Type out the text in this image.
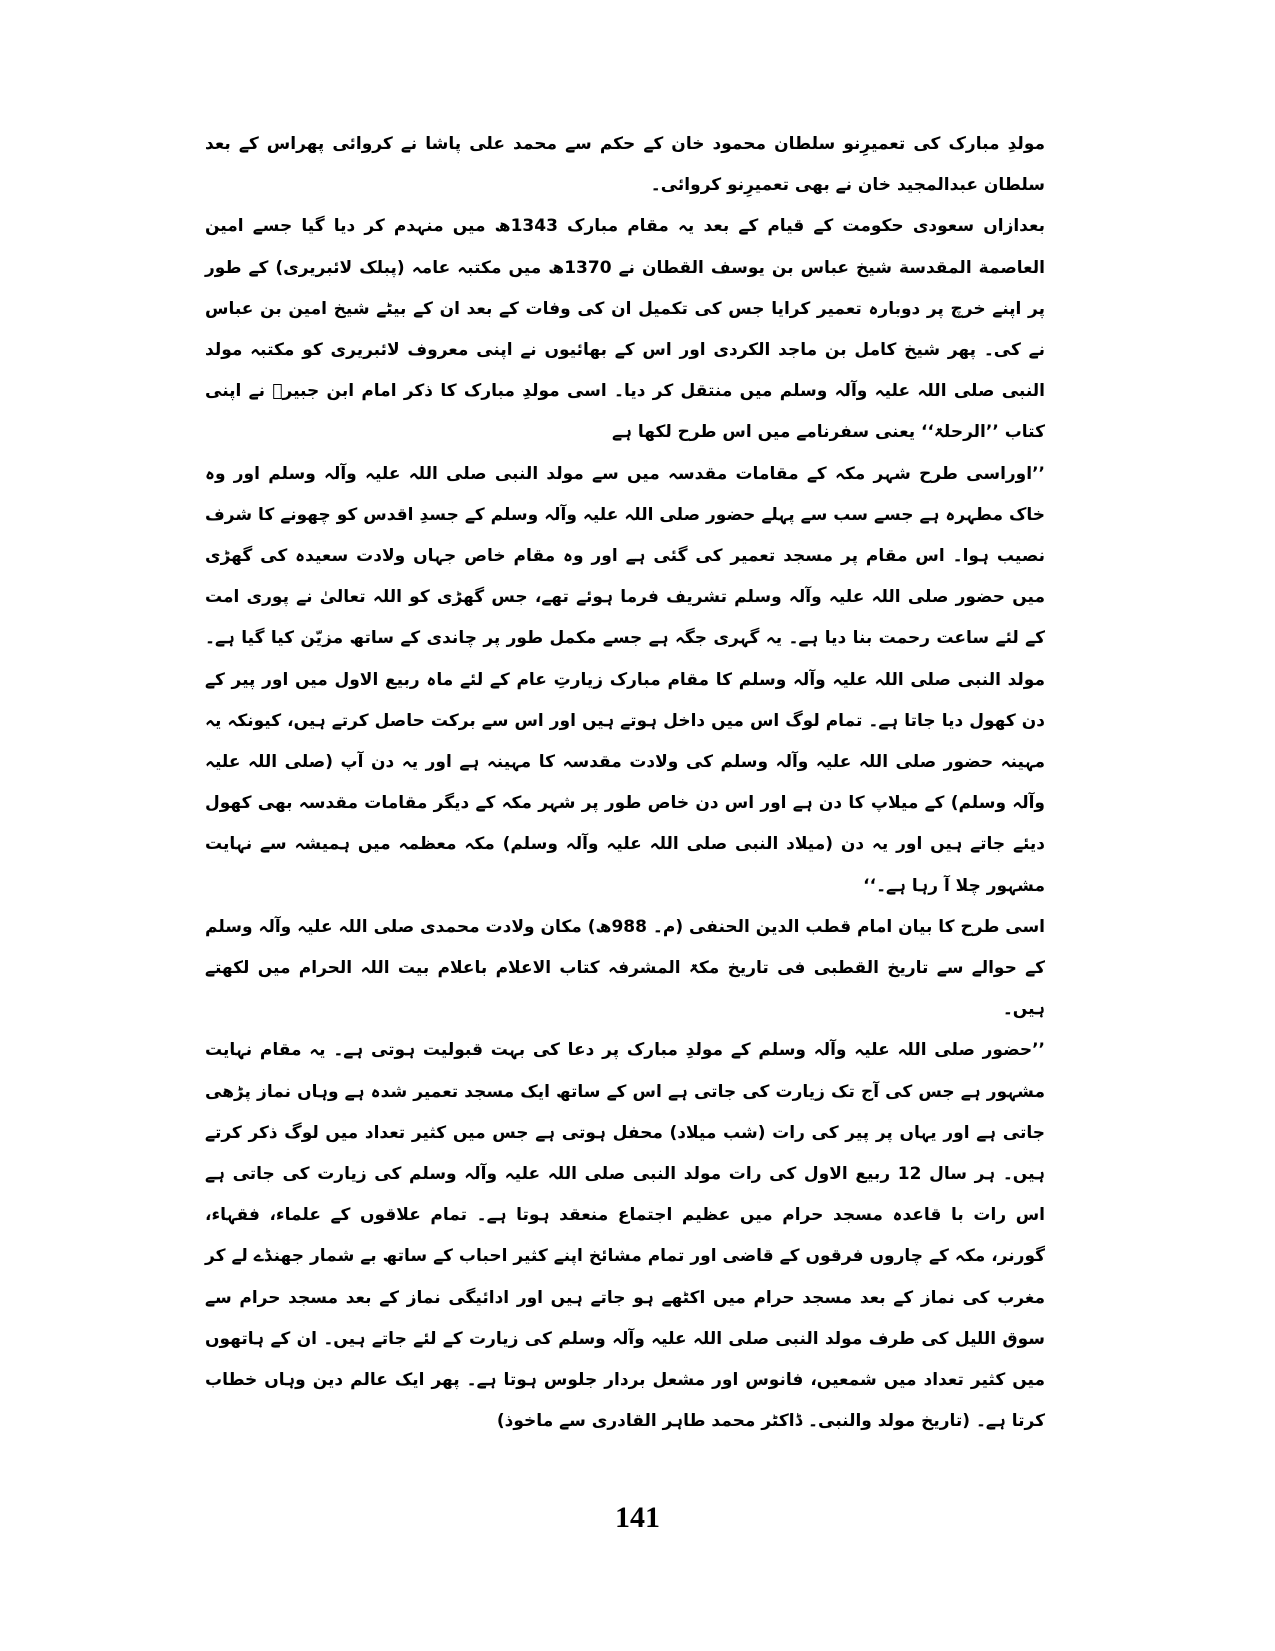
مولدِ مبارک کی تعمیرِنو سلطان محمود خان کے حکم سے محمد علی پاشا نے کروائی پھراس کے بعد سلطان عبدالمجید خان نے بھی تعمیرِنو کروائی۔

بعدازاں سعودی حکومت کے قیام کے بعد یہ مقام مبارک 1343ھ میں منہدم کر دیا گیا جسے امین العاصمة المقدسة شیخ عباس بن یوسف القطان نے 1370ھ میں مکتبہ عامہ (پبلک لائبریری) کے طور پر اپنے خرچ پر دوبارہ تعمیر کرایا جس کی تکمیل ان کی وفات کے بعد ان کے بیٹے شیخ امین بن عباس نے کی۔ پھر شیخ کامل بن ماجد الکردی اور اس کے بھائیوں نے اپنی معروف لائبریری کو مکتبہ مولد النبی صلی اللہ علیہ وآلہ وسلم میں منتقل کر دیا۔ اسی مولدِ مبارک کا ذکر امام ابن جبیرؒ نے اپنی کتاب ’’الرحلۃ‘‘ یعنی سفرنامے میں اس طرح لکھا ہے

’’اوراسی طرح شہر مکہ کے مقامات مقدسہ میں سے مولد النبی صلی اللہ علیہ وآلہ وسلم اور وہ خاک مطہرہ ہے جسے سب سے پہلے حضور صلی اللہ علیہ وآلہ وسلم کے جسدِ اقدس کو چھونے کا شرف نصیب ہوا۔ اس مقام پر مسجد تعمیر کی گئی ہے اور وہ مقام خاص جہاں ولادت سعیدہ کی گھڑی میں حضور صلی اللہ علیہ وآلہ وسلم تشریف فرما ہوئے تھے، جس گھڑی کو اللہ تعالیٰ نے پوری امت کے لئے ساعت رحمت بنا دیا ہے۔ یہ گہری جگہ ہے جسے مکمل طور پر چاندی کے ساتھ مزیّن کیا گیا ہے۔ مولد النبی صلی اللہ علیہ وآلہ وسلم کا مقام مبارک زیارتِ عام کے لئے ماہ ربیع الاول میں اور پیر کے دن کھول دیا جاتا ہے۔ تمام لوگ اس میں داخل ہوتے ہیں اور اس سے برکت حاصل کرتے ہیں، کیونکہ یہ مہینہ حضور صلی اللہ علیہ وآلہ وسلم کی ولادت مقدسہ کا مہینہ ہے اور یہ دن آپ (صلی اللہ علیہ وآلہ وسلم) کے میلاپ کا دن ہے اور اس دن خاص طور پر شہر مکہ کے دیگر مقامات مقدسہ بھی کھول دیئے جاتے ہیں اور یہ دن (میلاد النبی صلی اللہ علیہ وآلہ وسلم) مکہ معظمہ میں ہمیشہ سے نہایت مشہور چلا آ رہا ہے۔‘‘

اسی طرح کا بیان امام قطب الدین الحنفی (م۔ 988ھ) مکان ولادت محمدی صلی اللہ علیہ وآلہ وسلم کے حوالے سے تاریخ القطبی فی تاریخ مکۃ المشرفہ کتاب الاعلام باعلام بیت اللہ الحرام میں لکھتے ہیں۔

’’حضور صلی اللہ علیہ وآلہ وسلم کے مولدِ مبارک پر دعا کی بہت قبولیت ہوتی ہے۔ یہ مقام نہایت مشہور ہے جس کی آج تک زیارت کی جاتی ہے اس کے ساتھ ایک مسجد تعمیر شدہ ہے وہاں نماز پڑھی جاتی ہے اور یہاں پر پیر کی رات (شب میلاد) محفل ہوتی ہے جس میں کثیر تعداد میں لوگ ذکر کرتے ہیں۔ ہر سال 12 ربیع الاول کی رات مولد النبی صلی اللہ علیہ وآلہ وسلم کی زیارت کی جاتی ہے اس رات با قاعدہ مسجد حرام میں عظیم اجتماع منعقد ہوتا ہے۔ تمام علاقوں کے علماء، فقہاء، گورنر، مکہ کے چاروں فرقوں کے قاضی اور تمام مشائخ اپنے کثیر احباب کے ساتھ بے شمار جھنڈے لے کر مغرب کی نماز کے بعد مسجد حرام میں اکٹھے ہو جاتے ہیں اور ادائیگی نماز کے بعد مسجد حرام سے سوق اللیل کی طرف مولد النبی صلی اللہ علیہ وآلہ وسلم کی زیارت کے لئے جاتے ہیں۔ ان کے ہاتھوں میں کثیر تعداد میں شمعیں، فانوس اور مشعل بردار جلوس ہوتا ہے۔ پھر ایک عالم دین وہاں خطاب کرتا ہے۔ (تاریخ مولد والنبی۔ ڈاکٹر محمد طاہر القادری سے ماخوذ)

141
